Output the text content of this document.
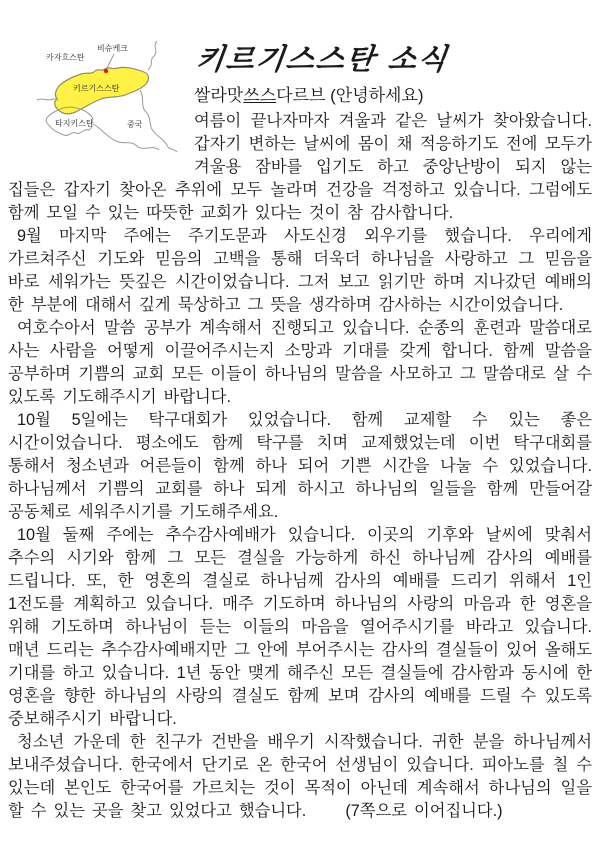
카자흐스탄
비슈케크
키르기스스탄
타지키스탄	중국
키르기스스탄 소식

쌀라맛쓰스다르브 (안녕하세요)

여름이 끝나자마자 겨울과 같은 날씨가 찾아왔습니다. 갑자기 변하는 날씨에 몸이 채 적응하기도 전에 모두가 겨울용 잠바를 입기도 하고 중앙난방이 되지 않는 집들은 갑자기 찾아온 추위에 모두 놀라며 건강을 걱정하고 있습니다. 그럼에도 함께 모일 수 있는 따뜻한 교회가 있다는 것이 참 감사합니다.

9월 마지막 주에는 주기도문과 사도신경 외우기를 했습니다. 우리에게 가르쳐주신 기도와 믿음의 고백을 통해 더욱더 하나님을 사랑하고 그 믿음을 바로 세워가는 뜻깊은 시간이었습니다. 그저 보고 읽기만 하며 지나갔던 예배의 한 부분에 대해서 깊게 묵상하고 그 뜻을 생각하며 감사하는 시간이었습니다.

여호수아서 말씀 공부가 계속해서 진행되고 있습니다. 순종의 훈련과 말씀대로 사는 사람을 어떻게 이끌어주시는지 소망과 기대를 갖게 합니다. 함께 말씀을 공부하며 기쁨의 교회 모든 이들이 하나님의 말씀을 사모하고 그 말씀대로 살 수 있도록 기도해주시기 바랍니다.

10월 5일에는 탁구대회가 있었습니다. 함께 교제할 수 있는 좋은 시간이었습니다. 평소에도 함께 탁구를 치며 교제했었는데 이번 탁구대회를 통해서 청소년과 어른들이 함께 하나 되어 기쁜 시간을 나눌 수 있었습니다. 하나님께서 기쁨의 교회를 하나 되게 하시고 하나님의 일들을 함께 만들어갈 공동체로 세워주시기를 기도해주세요.

10월 둘째 주에는 추수감사예배가 있습니다. 이곳의 기후와 날씨에 맞춰서 추수의 시기와 함께 그 모든 결실을 가능하게 하신 하나님께 감사의 예배를 드립니다. 또, 한 영혼의 결실로 하나님께 감사의 예배를 드리기 위해서 1인 1전도를 계획하고 있습니다. 매주 기도하며 하나님의 사랑의 마음과 한 영혼을 위해 기도하며 하나님이 듣는 이들의 마음을 열어주시기를 바라고 있습니다. 매년 드리는 추수감사예배지만 그 안에 부어주시는 감사의 결실들이 있어 올해도 기대를 하고 있습니다. 1년 동안 맺게 해주신 모든 결실들에 감사함과 동시에 한 영혼을 향한 하나님의 사랑의 결실도 함께 보며 감사의 예배를 드릴 수 있도록 중보해주시기 바랍니다.

청소년 가운데 한 친구가 건반을 배우기 시작했습니다. 귀한 분을 하나님께서 보내주셨습니다. 한국에서 단기로 온 한국어 선생님이 있습니다. 피아노를 칠 수 있는데 본인도 한국어를 가르치는 것이 목적이 아닌데 계속해서 하나님의 일을 할 수 있는 곳을 찾고 있었다고 했습니다. (7쪽으로 이어집니다.)
